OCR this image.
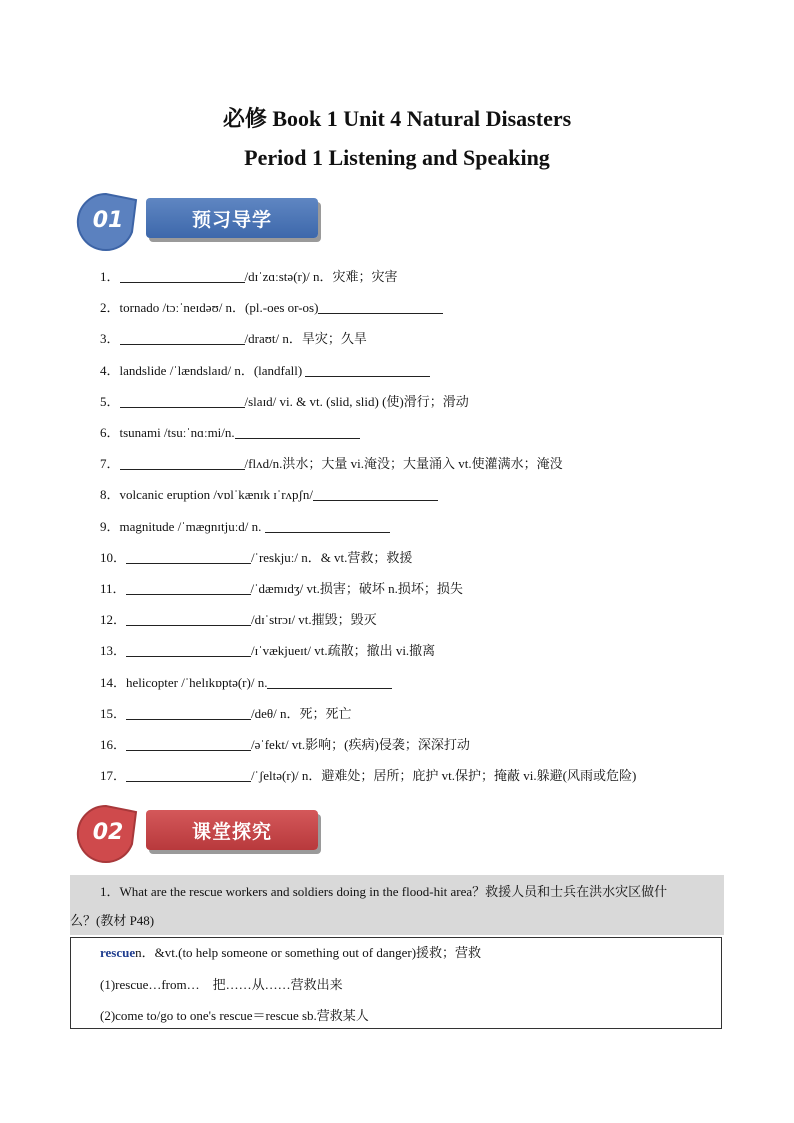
必修 Book 1 Unit 4 Natural Disasters
Period 1 Listening and Speaking
01	预习导学
1．	/dɪˈzɑːstə(r)/ n．灾难；灾害
2．tornado /tɔːˈneɪdəʊ/ n．(pl.-oes or-os)
3．	/draʊt/ n．旱灾；久旱
4．landslide /ˈlændslaɪd/ n．(landfall)
5．	/slaɪd/ vi. & vt. (slid, slid) (使)滑行；滑动
6．tsunami /tsuːˈnɑːmi/n.
7．	/flʌd/n.洪水；大量 vi.淹没；大量涌入 vt.使灌满水；淹没
8．volcanic eruption /vɒlˈkænɪk ɪˈrʌpʃn/
9．magnitude /ˈmæɡnɪtjuːd/ n.
10．	/ˈreskjuː/ n．& vt.营救；救援
11．	/ˈdæmɪdʒ/ vt.损害；破坏 n.损坏；损失
12．	/dɪˈstrɔɪ/ vt.摧毁；毁灭
13．	/ɪˈvækjueɪt/ vt.疏散；撤出 vi.撤离
14．helicopter /ˈhelɪkɒptə(r)/ n.
15．	/deθ/ n．死；死亡
16．	/əˈfekt/ vt.影响；(疾病)侵袭；深深打动
17．	/ˈʃeltə(r)/ n．避难处；居所；庇护 vt.保护；掩蔽 vi.躲避(风雨或危险)
02	课堂探究
1．What are the rescue workers and soldiers doing in the flood-hit area？救援人员和士兵在洪水灾区做什
么？(教材 P48)
rescuen．&vt.(to help someone or something out of danger)援救；营救
(1)rescue…from…　把……从……营救出来
(2)come to/go to one's rescue＝rescue sb.营救某人
